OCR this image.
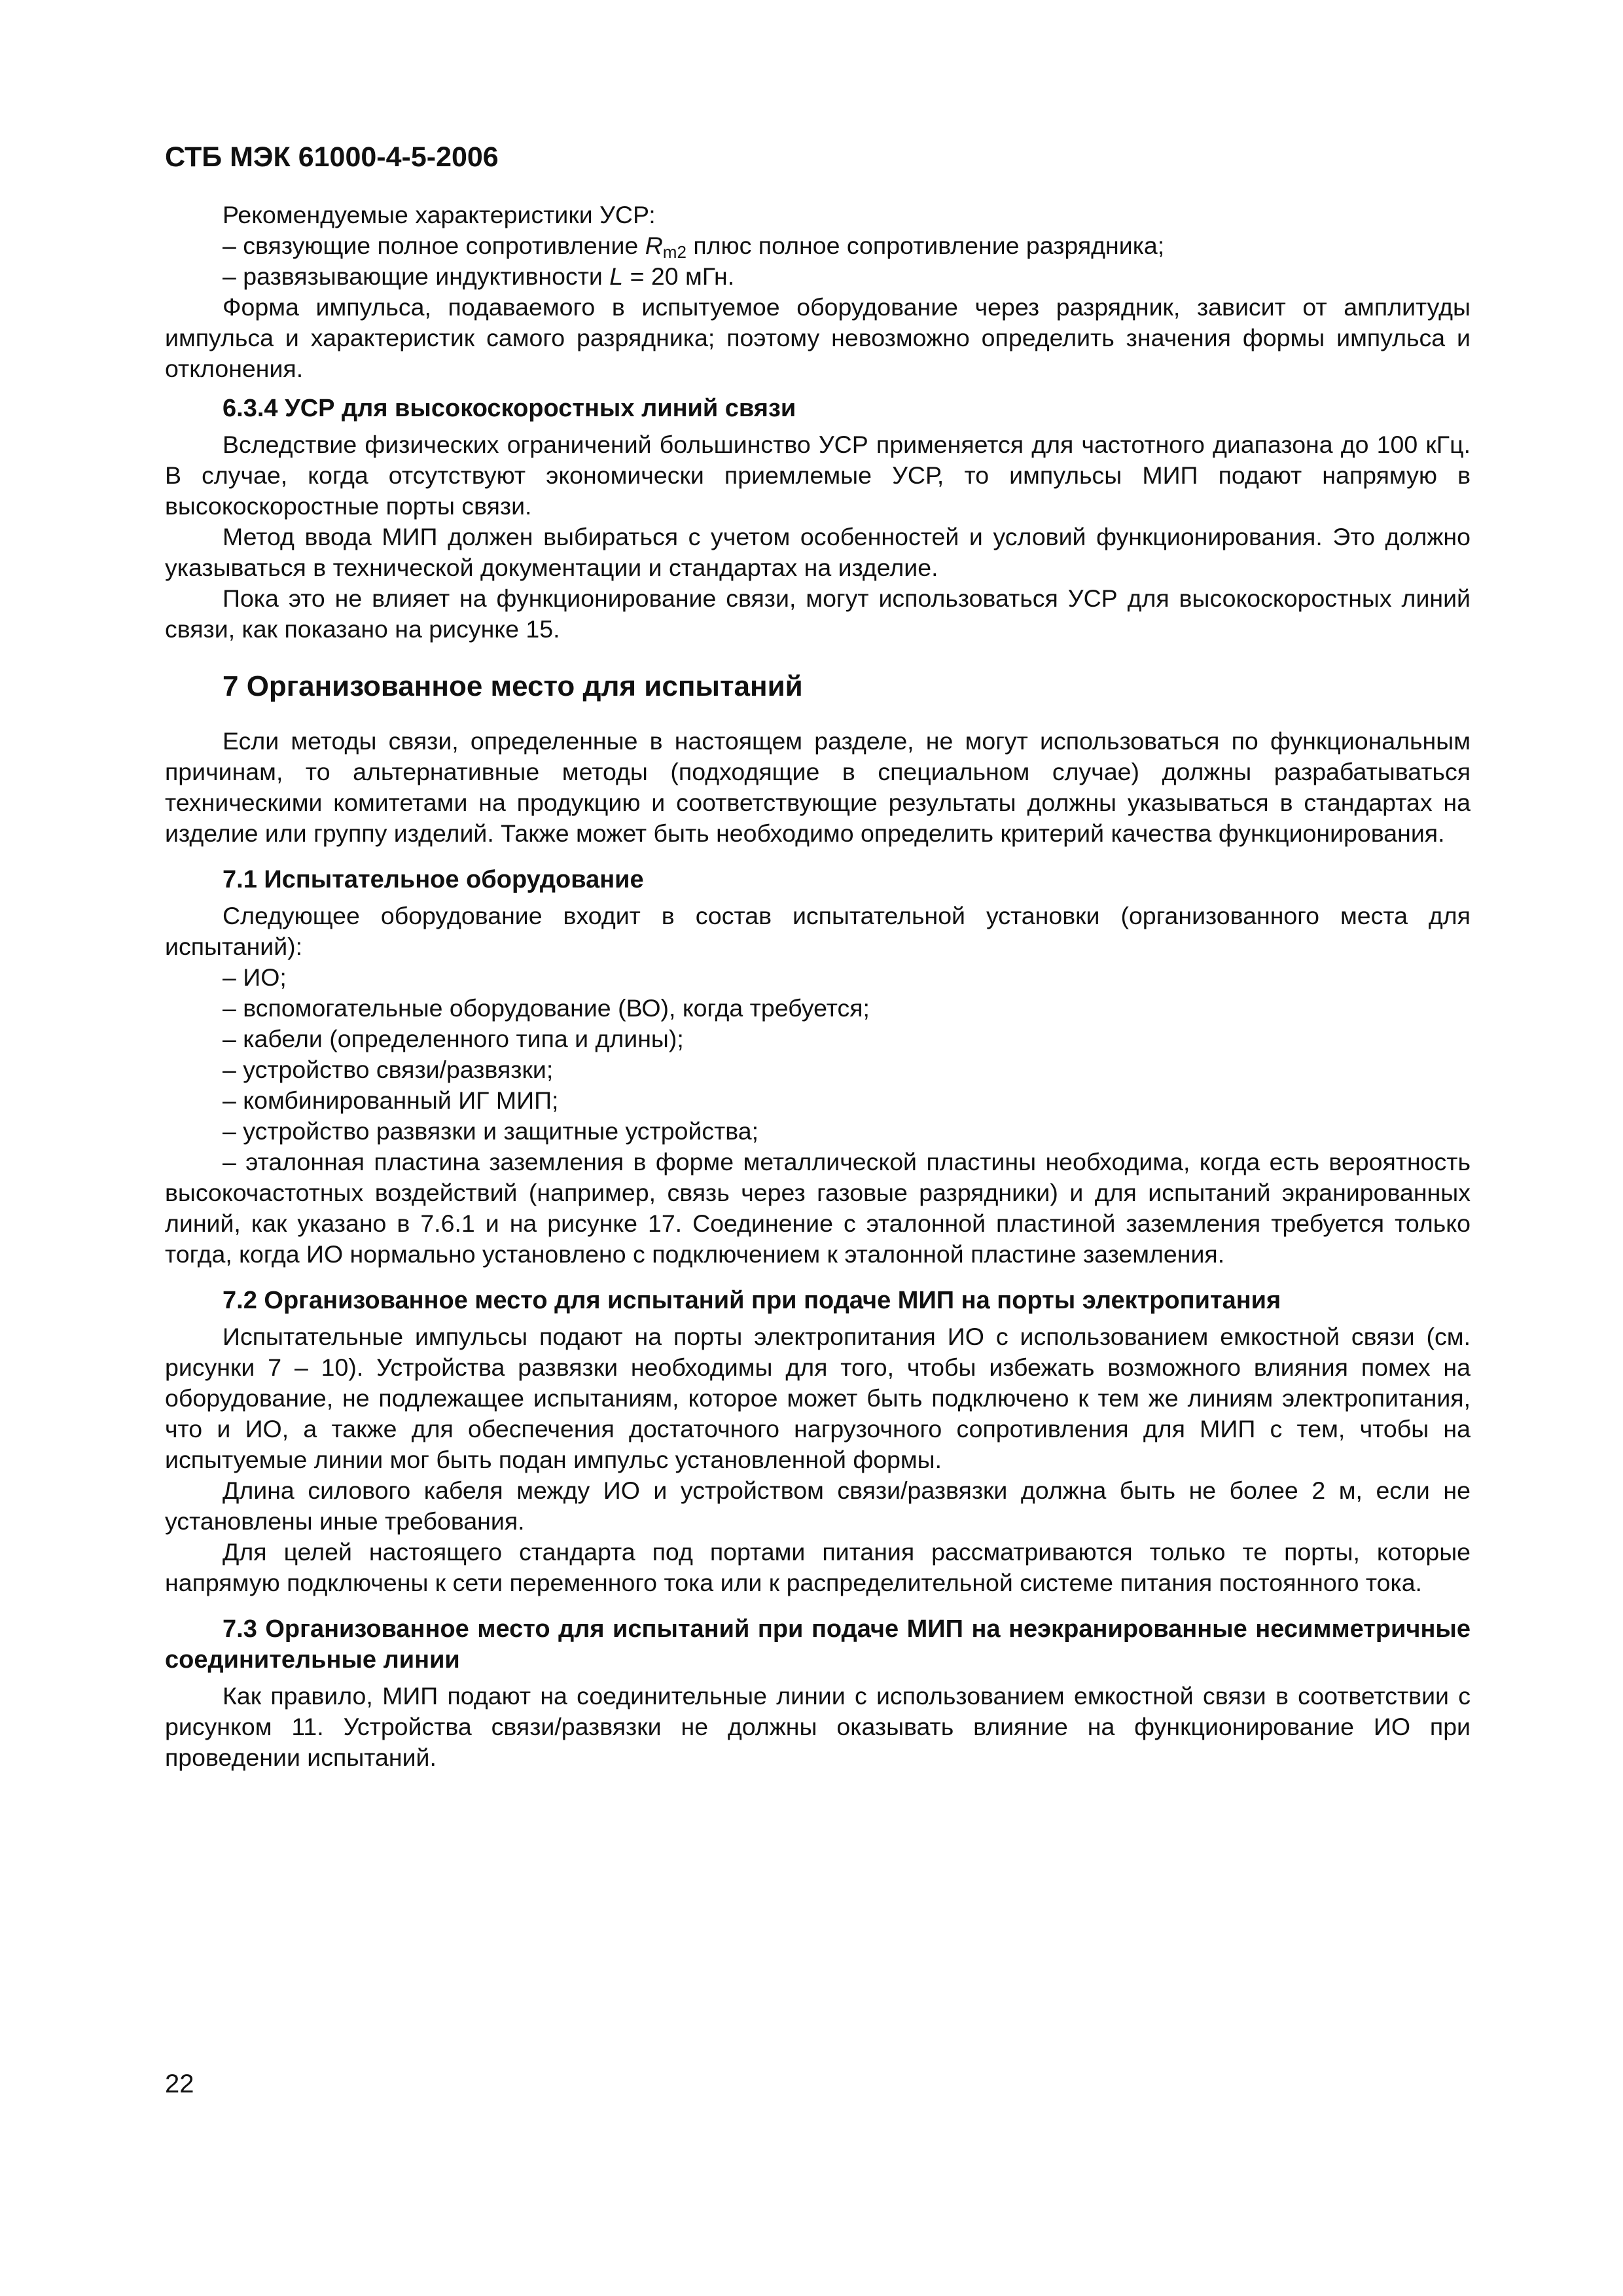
СТБ МЭК 61000-4-5-2006

Рекомендуемые характеристики УСР:

– связующие полное сопротивление $R_{m2}$ плюс полное сопротивление разрядника;

– развязывающие индуктивности L = 20 мГн.

Форма импульса, подаваемого в испытуемое оборудование через разрядник, зависит от амплитуды импульса и характеристик самого разрядника; поэтому невозможно определить значения формы импульса и отклонения.

6.3.4 УСР для высокоскоростных линий связи

Вследствие физических ограничений большинство УСР применяется для частотного диапазона до 100 кГц. В случае, когда отсутствуют экономически приемлемые УСР, то импульсы МИП подают напрямую в высокоскоростные порты связи.

Метод ввода МИП должен выбираться с учетом особенностей и условий функционирования. Это должно указываться в технической документации и стандартах на изделие.

Пока это не влияет на функционирование связи, могут использоваться УСР для высокоскоростных линий связи, как показано на рисунке 15.

7 Организованное место для испытаний

Если методы связи, определенные в настоящем разделе, не могут использоваться по функциональным причинам, то альтернативные методы (подходящие в специальном случае) должны разрабатываться техническими комитетами на продукцию и соответствующие результаты должны указываться в стандартах на изделие или группу изделий. Также может быть необходимо определить критерий качества функционирования.

7.1 Испытательное оборудование

Следующее оборудование входит в состав испытательной установки (организованного места для испытаний):

– ИО;

– вспомогательные оборудование (ВО), когда требуется;

– кабели (определенного типа и длины);

– устройство связи/развязки;

– комбинированный ИГ МИП;

– устройство развязки и защитные устройства;

– эталонная пластина заземления в форме металлической пластины необходима, когда есть вероятность высокочастотных воздействий (например, связь через газовые разрядники) и для испытаний экранированных линий, как указано в 7.6.1 и на рисунке 17. Соединение с эталонной пластиной заземления требуется только тогда, когда ИО нормально установлено с подключением к эталонной пластине заземления.

7.2 Организованное место для испытаний при подаче МИП на порты электропитания

Испытательные импульсы подают на порты электропитания ИО с использованием емкостной связи (см. рисунки 7 – 10). Устройства развязки необходимы для того, чтобы избежать возможного влияния помех на оборудование, не подлежащее испытаниям, которое может быть подключено к тем же линиям электропитания, что и ИО, а также для обеспечения достаточного нагрузочного сопротивления для МИП с тем, чтобы на испытуемые линии мог быть подан импульс установленной формы.

Длина силового кабеля между ИО и устройством связи/развязки должна быть не более 2 м, если не установлены иные требования.

Для целей настоящего стандарта под портами питания рассматриваются только те порты, которые напрямую подключены к сети переменного тока или к распределительной системе питания постоянного тока.

7.3 Организованное место для испытаний при подаче МИП на неэкранированные несимметричные соединительные линии

Как правило, МИП подают на соединительные линии с использованием емкостной связи в соответствии с рисунком 11. Устройства связи/развязки не должны оказывать влияние на функционирование ИО при проведении испытаний.

22
